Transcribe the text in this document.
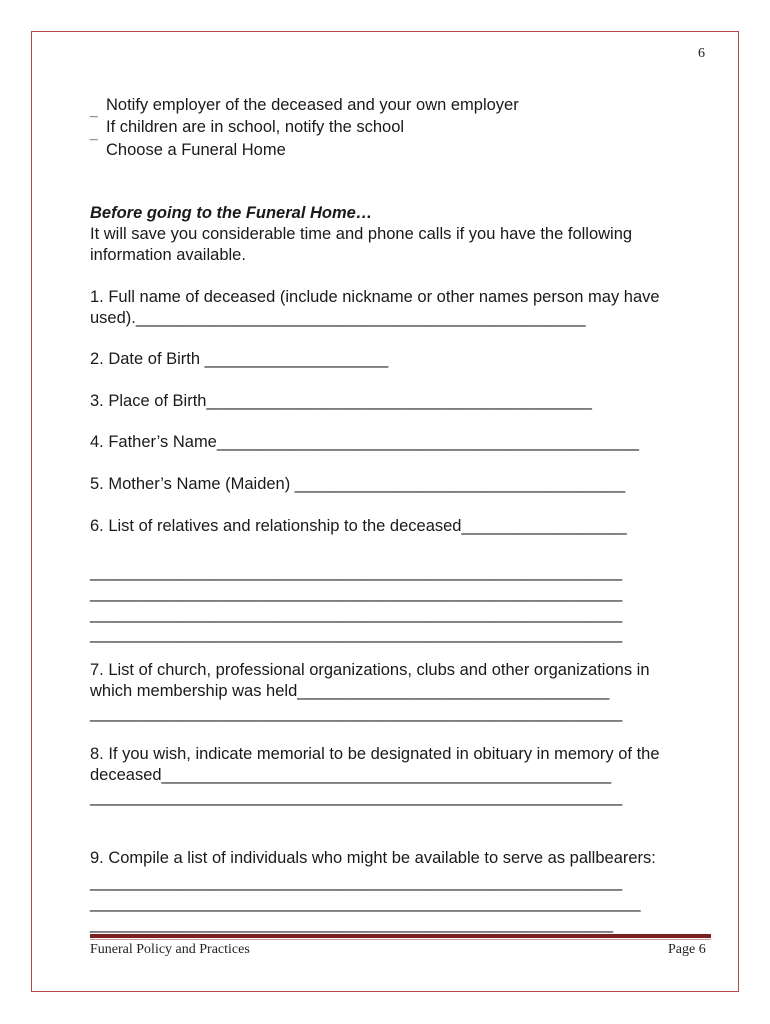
6
Notify employer of the deceased and your own employer
¯ If children are in school, notify the school
¯ Choose a Funeral Home
Before going to the Funeral Home…
It will save you considerable time and phone calls if you have the following
information available.
1. Full name of deceased (include nickname or other names person may have
used)._________________________________________________
2. Date of Birth ____________________
3. Place of Birth__________________________________________
4. Father’s Name______________________________________________
5. Mother’s Name (Maiden) ____________________________________
6. List of relatives and relationship to the deceased__________________
__________________________________________________________
__________________________________________________________
__________________________________________________________
__________________________________________________________
7. List of church, professional organizations, clubs and other organizations in
which membership was held__________________________________
__________________________________________________________
8. If you wish, indicate memorial to be designated in obituary in memory of the
deceased_________________________________________________
__________________________________________________________
9. Compile a list of individuals who might be available to serve as pallbearers:
__________________________________________________________
____________________________________________________________
_________________________________________________________
Funeral Policy and Practices	Page 6
